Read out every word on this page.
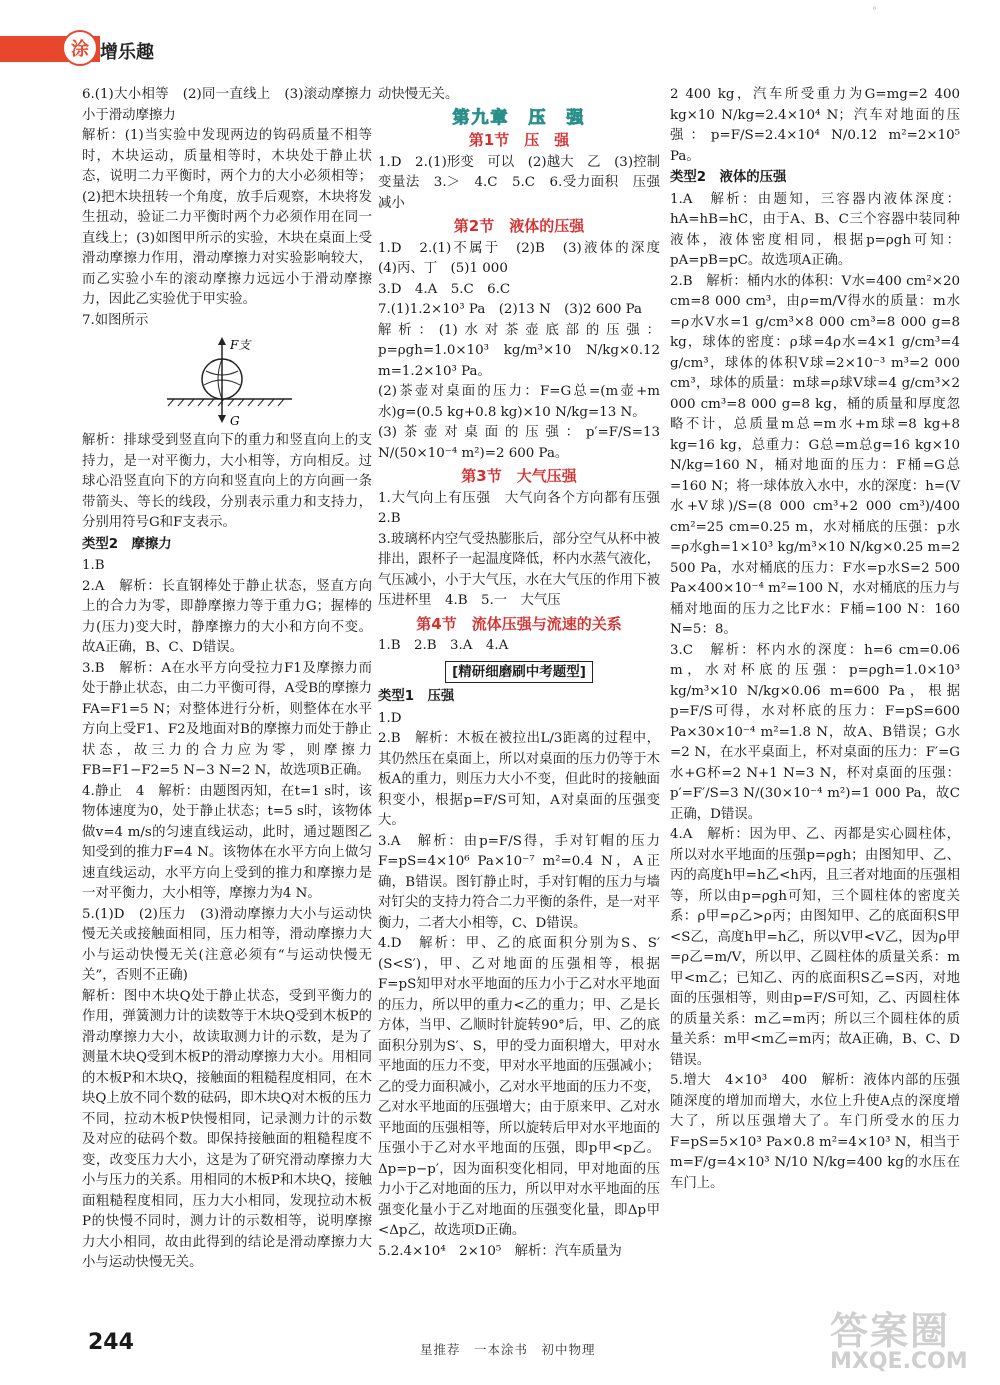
°
涂 增乐趣

6.(1)大小相等　(2)同一直线上　(3)滚动摩擦力小于滑动摩擦力

解析：(1)当实验中发现两边的钩码质量不相等时，木块运动，质量相等时，木块处于静止状态，说明二力平衡时，两个力的大小必须相等；(2)把木块扭转一个角度，放手后观察，木块将发生扭动，验证二力平衡时两个力必须作用在同一直线上；(3)如图甲所示的实验，木块在桌面上受滑动摩擦力作用，滑动摩擦力对实验影响较大，而乙实验小车的滚动摩擦力远远小于滑动摩擦力，因此乙实验优于甲实验。

7.如图所示

F支
G

解析：排球受到竖直向下的重力和竖直向上的支持力，是一对平衡力，大小相等，方向相反。过球心沿竖直向下的方向和竖直向上的方向画一条带箭头、等长的线段，分别表示重力和支持力，分别用符号G和F支表示。

类型2　摩擦力

1.B

2.A　解析：长直钢棒处于静止状态，竖直方向上的合力为零，即静摩擦力等于重力G；握棒的力(压力)变大时，静摩擦力的大小和方向不变。故A正确，B、C、D错误。

3.B　解析：A在水平方向受拉力F1及摩擦力而处于静止状态，由二力平衡可得，A受B的摩擦力FA=F1=5 N；对整体进行分析，则整体在水平方向上受F1、F2及地面对B的摩擦力而处于静止状态，故三力的合力应为零，则摩擦力FB=F1−F2=5 N−3 N=2 N，故选项B正确。

4.静止　4　解析：由题图丙知，在t=1 s时，该物体速度为0，处于静止状态；t=5 s时，该物体做v=4 m/s的匀速直线运动，此时，通过题图乙知受到的推力F=4 N。该物体在水平方向上做匀速直线运动，水平方向上受到的推力和摩擦力是一对平衡力，大小相等，摩擦力为4 N。

5.(1)D　(2)压力　(3)滑动摩擦力大小与运动快慢无关或接触面相同，压力相等，滑动摩擦力大小与运动快慢无关(注意必须有“与运动快慢无关”，否则不正确)

解析：图中木块Q处于静止状态，受到平衡力的作用，弹簧测力计的读数等于木块Q受到木板P的滑动摩擦力大小，故读取测力计的示数，是为了测量木块Q受到木板P的滑动摩擦力大小。用相同的木板P和木块Q，接触面的粗糙程度相同，在木块Q上放不同个数的砝码，即木块Q对木板的压力不同，拉动木板P快慢相同，记录测力计的示数及对应的砝码个数。即保持接触面的粗糙程度不变，改变压力大小，这是为了研究滑动摩擦力大小与压力的关系。用相同的木板P和木块Q，接触面粗糙程度相同，压力大小相同，发现拉动木板P的快慢不同时，测力计的示数相等，说明摩擦力大小相同，故由此得到的结论是滑动摩擦力大小与运动快慢无关。

动快慢无关。

第九章　压　强
第1节　压　强

1.D　2.(1)形变　可以　(2)越大　乙　(3)控制变量法　3.＞　4.C　5.C　6.受力面积　压强　减小

第2节　液体的压强

1.D　2.(1)不属于　(2)B　(3)液体的深度　(4)丙、丁　(5)1 000

3.D　4.A　5.C　6.C

7.(1)1.2×10³ Pa　(2)13 N　(3)2 600 Pa

解析：(1)水对茶壶底部的压强：p=ρgh=1.0×10³ kg/m³×10 N/kg×0.12 m=1.2×10³ Pa。

(2)茶壶对桌面的压力：F=G总=(m壶+m水)g=(0.5 kg+0.8 kg)×10 N/kg=13 N。

(3)茶壶对桌面的压强：p′=F/S=13 N/(50×10⁻⁴ m²)=2 600 Pa。

第3节　大气压强

1.大气向上有压强　大气向各个方向都有压强　2.B

3.玻璃杯内空气受热膨胀后，部分空气从杯中被排出，跟杯子一起温度降低，杯内水蒸气液化，气压减小，小于大气压，水在大气压的作用下被压进杯里　4.B　5.一　大气压

第4节　流体压强与流速的关系

1.B　2.B　3.A　4.A

[精研细磨刷中考题型]

类型1　压强

1.D

2.B　解析：木板在被拉出L/3距离的过程中，其仍然压在桌面上，所以对桌面的压力仍等于木板A的重力，则压力大小不变，但此时的接触面积变小，根据p=F/S可知，A对桌面的压强变大。

3.A　解析：由p=F/S得，手对钉帽的压力F=pS=4×10⁶ Pa×10⁻⁷ m²=0.4 N，A正确，B错误。图钉静止时，手对钉帽的压力与墙对钉尖的支持力符合二力平衡的条件，是一对平衡力，二者大小相等，C、D错误。

4.D　解析：甲、乙的底面积分别为S、S′(S<S′)，甲、乙对地面的压强相等，根据F=pS知甲对水平地面的压力小于乙对水平地面的压力，所以甲的重力<乙的重力；甲、乙是长方体，当甲、乙顺时针旋转90°后，甲、乙的底面积分别为S′、S，甲的受力面积增大，甲对水平地面的压力不变，甲对水平地面的压强减小；乙的受力面积减小，乙对水平地面的压力不变，乙对水平地面的压强增大；由于原来甲、乙对水平地面的压强相等，所以旋转后甲对水平地面的压强小于乙对水平地面的压强，即p甲<p乙。Δp=p−p′，因为面积变化相同，甲对地面的压力小于乙对地面的压力，所以甲对水平地面的压强变化量小于乙对地面的压强变化量，即Δp甲<Δp乙，故选项D正确。

5.2.4×10⁴　2×10⁵　解析：汽车质量为

2 400 kg，汽车所受重力为G=mg=2 400 kg×10 N/kg=2.4×10⁴ N；汽车对地面的压强：p=F/S=2.4×10⁴ N/0.12 m²=2×10⁵ Pa。

类型2　液体的压强

1.A　解析：由题知，三容器内液体深度：hA=hB=hC，由于A、B、C三个容器中装同种液体，液体密度相同，根据p=ρgh可知：pA=pB=pC。故选项A正确。

2.B　解析：桶内水的体积：V水=400 cm²×20 cm=8 000 cm³，由ρ=m/V得水的质量：m水=ρ水V水=1 g/cm³×8 000 cm³=8 000 g=8 kg，球体的密度：ρ球=4ρ水=4×1 g/cm³=4 g/cm³，球体的体积V球=2×10⁻³ m³=2 000 cm³，球体的质量：m球=ρ球V球=4 g/cm³×2 000 cm³=8 000 g=8 kg，桶的质量和厚度忽略不计，总质量m总=m水+m球=8 kg+8 kg=16 kg，总重力：G总=m总g=16 kg×10 N/kg=160 N，桶对地面的压力：F桶=G总=160 N；将一球体放入水中，水的深度：h=(V水+V球)/S=(8 000 cm³+2 000 cm³)/400 cm²=25 cm=0.25 m，水对桶底的压强：p水=ρ水gh=1×10³ kg/m³×10 N/kg×0.25 m=2 500 Pa，水对桶底的压力：F水=p水S=2 500 Pa×400×10⁻⁴ m²=100 N，水对桶底的压力与桶对地面的压力之比F水：F桶=100 N：160 N=5：8。

3.C　解析：杯内水的深度：h=6 cm=0.06 m，水对杯底的压强：p=ρgh=1.0×10³ kg/m³×10 N/kg×0.06 m=600 Pa，根据p=F/S可得，水对杯底的压力：F=pS=600 Pa×30×10⁻⁴ m²=1.8 N，故A、B错误；G水=2 N，在水平桌面上，杯对桌面的压力：F′=G水+G杯=2 N+1 N=3 N，杯对桌面的压强：p′=F′/S=3 N/(30×10⁻⁴ m²)=1 000 Pa，故C正确，D错误。

4.A　解析：因为甲、乙、丙都是实心圆柱体，所以对水平地面的压强p=ρgh；由图知甲、乙、丙的高度h甲=h乙<h丙，且三者对地面的压强相等，所以由p=ρgh可知，三个圆柱体的密度关系：ρ甲=ρ乙>ρ丙；由图知甲、乙的底面积S甲<S乙，高度h甲=h乙，所以V甲<V乙，因为ρ甲=ρ乙=m/V，所以甲、乙圆柱体的质量关系：m甲<m乙；已知乙、丙的底面积S乙=S丙，对地面的压强相等，则由p=F/S可知，乙、丙圆柱体的质量关系：m乙=m丙；所以三个圆柱体的质量关系：m甲<m乙=m丙；故A正确，B、C、D错误。

5.增大　4×10³　400　解析：液体内部的压强随深度的增加而增大，水位上升使A点的深度增大了，所以压强增大了。车门所受水的压力F=pS=5×10³ Pa×0.8 m²=4×10³ N，相当于m=F/g=4×10³ N/10 N/kg=400 kg的水压在车门上。

244	星推荐　一本涂书　初中物理	答案圈
MXQE.COM
